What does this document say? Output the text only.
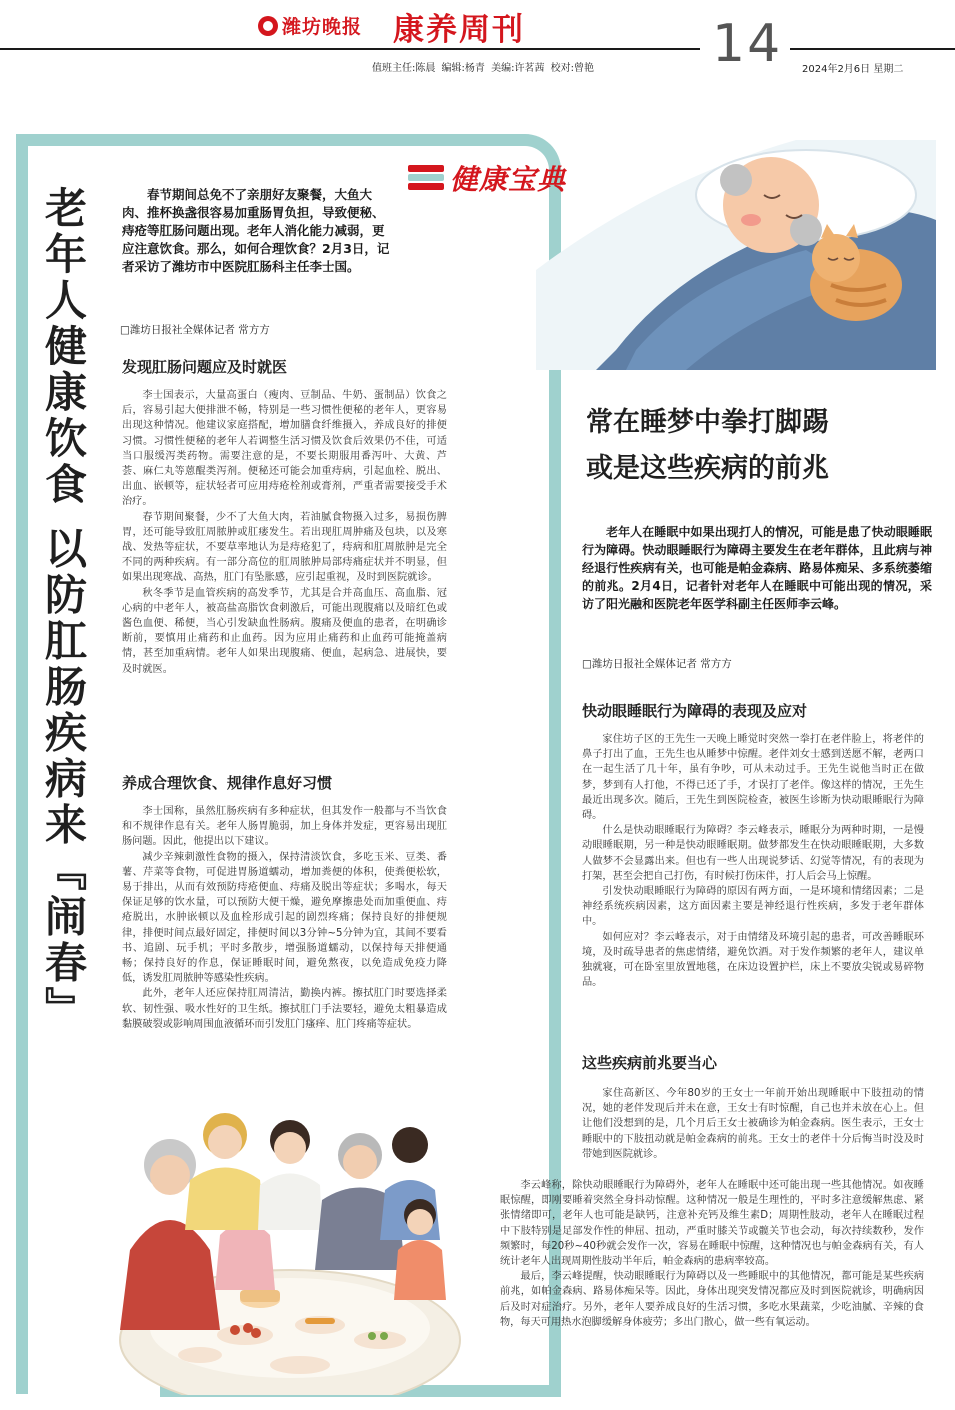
潍坊晚报 康养周刊
值班主任:陈晨 编辑:杨青 美编:许茗茜 校对:曾艳 14 2024年2月6日 星期二
老年人健康饮食 以防肛肠疾病来『闹春』	春节期间总免不了亲朋好友聚餐，大鱼大肉、推杯换盏很容易加重肠胃负担，导致便秘、痔疮等肛肠问题出现。老年人消化能力减弱，更应注意饮食。那么，如何合理饮食？2月3日，记者采访了潍坊市中医院肛肠科主任李士国。

□潍坊日报社全媒体记者 常方方
发现肛肠问题应及时就医

李士国表示，大量高蛋白（瘦肉、豆制品、牛奶、蛋制品）饮食之后，容易引起大便排泄不畅，特别是一些习惯性便秘的老年人，更容易出现这种情况。他建议家庭搭配，增加膳食纤维摄入，养成良好的排便习惯。习惯性便秘的老年人若调整生活习惯及饮食后效果仍不佳，可适当口服缓泻类药物。需要注意的是，不要长期服用番泻叶、大黄、芦荟、麻仁丸等蒽醌类泻剂。便秘还可能会加重痔病，引起血栓、脱出、出血、嵌顿等，症状轻者可应用痔疮栓剂或膏剂，严重者需要接受手术治疗。

春节期间聚餐，少不了大鱼大肉，若油腻食物摄入过多，易损伤脾胃，还可能导致肛周脓肿或肛瘘发生。若出现肛周肿痛及包块，以及寒战、发热等症状，不要草率地认为是痔疮犯了，痔病和肛周脓肿是完全不同的两种疾病。有一部分高位的肛周脓肿局部痔痛症状并不明显，但如果出现寒战、高热，肛门有坠胀感，应引起重视，及时到医院就诊。

秋冬季节是血管疾病的高发季节，尤其是合并高血压、高血脂、冠心病的中老年人，被高盐高脂饮食刺激后，可能出现腹痛以及暗红色或酱色血便、稀便，当心引发缺血性肠病。腹痛及便血的患者，在明确诊断前，要慎用止痛药和止血药。因为应用止痛药和止血药可能掩盖病情，甚至加重病情。老年人如果出现腹痛、便血，起病急、进展快，要及时就医。

养成合理饮食、规律作息好习惯

李士国称，虽然肛肠疾病有多种症状，但其发作一般都与不当饮食和不规律作息有关。老年人肠胃脆弱，加上身体并发症，更容易出现肛肠问题。因此，他提出以下建议。

减少辛辣刺激性食物的摄入，保持清淡饮食，多吃玉米、豆类、番薯、芹菜等食物，可促进胃肠道蠕动，增加粪便的体积，使粪便松软，易于排出，从而有效预防痔疮便血、痔痛及脱出等症状；多喝水，每天保证足够的饮水量，可以预防大便干燥，避免摩擦患处而加重便血、痔疮脱出，水肿嵌顿以及血栓形成引起的剧烈疼痛；保持良好的排便规律，排便时间点最好固定，排便时间以3分钟~5分钟为宜，其间不要看书、追剧、玩手机；平时多散步，增强肠道蠕动，以保持每天排便通畅；保持良好的作息，保证睡眠时间，避免熬夜，以免造成免疫力降低，诱发肛周脓肿等感染性疾病。

此外，老年人还应保持肛周清洁，勤换内裤。擦拭肛门时要选择柔软、韧性强、吸水性好的卫生纸。擦拭肛门手法要轻，避免太粗暴造成黏膜破裂或影响周围血液循环而引发肛门瘙痒、肛门疼痛等症状。

健康宝典
常在睡梦中拳打脚踢
或是这些疾病的前兆

老年人在睡眠中如果出现打人的情况，可能是患了快动眼睡眠行为障碍。快动眼睡眠行为障碍主要发生在老年群体，且此病与神经退行性疾病有关，也可能是帕金森病、路易体痴呆、多系统萎缩的前兆。2月4日，记者针对老年人在睡眠中可能出现的情况，采访了阳光融和医院老年医学科副主任医师李云峰。

□潍坊日报社全媒体记者 常方方
快动眼睡眠行为障碍的表现及应对

家住坊子区的王先生一天晚上睡觉时突然一拳打在老伴脸上，将老伴的鼻子打出了血，王先生也从睡梦中惊醒。老伴刘女士感到送愿不解，老两口在一起生活了几十年，虽有争吵，可从未动过手。王先生说他当时正在做梦，梦到有人打他，不得已还了手，才误打了老伴。像这样的情况，王先生最近出现多次。随后，王先生到医院检查，被医生诊断为快动眼睡眠行为障碍。

什么是快动眼睡眠行为障碍？李云峰表示，睡眠分为两种时期，一是慢动眼睡眠期，另一种是快动眼睡眠期。做梦都发生在快动眼睡眠期，大多数人做梦不会显露出来。但也有一些人出现说梦话、幻觉等情况，有的表现为打架，甚至会把自己打伤，有时候打伤床伴，打人后会马上惊醒。

引发快动眼睡眠行为障碍的原因有两方面，一是环境和情绪因素；二是神经系统疾病因素，这方面因素主要是神经退行性疾病，多发于老年群体中。

如何应对？李云峰表示，对于由情绪及环境引起的患者，可改善睡眠环境，及时疏导患者的焦虑情绪，避免饮酒。对于发作频繁的老年人，建议单独就寝，可在卧室里放置地毯，在床边设置护栏，床上不要放尖锐或易碎物品。

这些疾病前兆要当心

家住高新区、今年80岁的王女士一年前开始出现睡眠中下肢扭动的情况，她的老伴发现后并未在意，王女士有时惊醒，自己也并未放在心上。但让他们没想到的是，几个月后王女士被确诊为帕金森病。医生表示，王女士睡眠中的下肢扭动就是帕金森病的前兆。王女士的老伴十分后悔当时没及时带她到医院就诊。

李云峰称，除快动眼睡眠行为障碍外，老年人在睡眠中还可能出现一些其他情况。如夜睡眠惊醒，即刚要睡着突然全身抖动惊醒。这种情况一般是生理性的，平时多注意缓解焦虑、紧张情绪即可，老年人也可能是缺钙，注意补充钙及维生素D；周期性肢动，老年人在睡眠过程中下肢特别是足部发作性的伸屈、扭动，严重时膝关节或髋关节也会动，每次持续数秒，发作频繁时，每20秒~40秒就会发作一次，容易在睡眠中惊醒，这种情况也与帕金森病有关，有人统计老年人出现周期性肢动半年后，帕金森病的患病率较高。

最后，李云峰提醒，快动眼睡眠行为障碍以及一些睡眠中的其他情况，都可能是某些疾病前兆，如帕金森病、路易体痴呆等。因此，身体出现突发情况都应及时到医院就诊，明确病因后及时对症治疗。另外，老年人要养成良好的生活习惯，多吃水果蔬菜，少吃油腻、辛辣的食物，每天可用热水泡脚缓解身体疲劳；多出门散心，做一些有氧运动。
